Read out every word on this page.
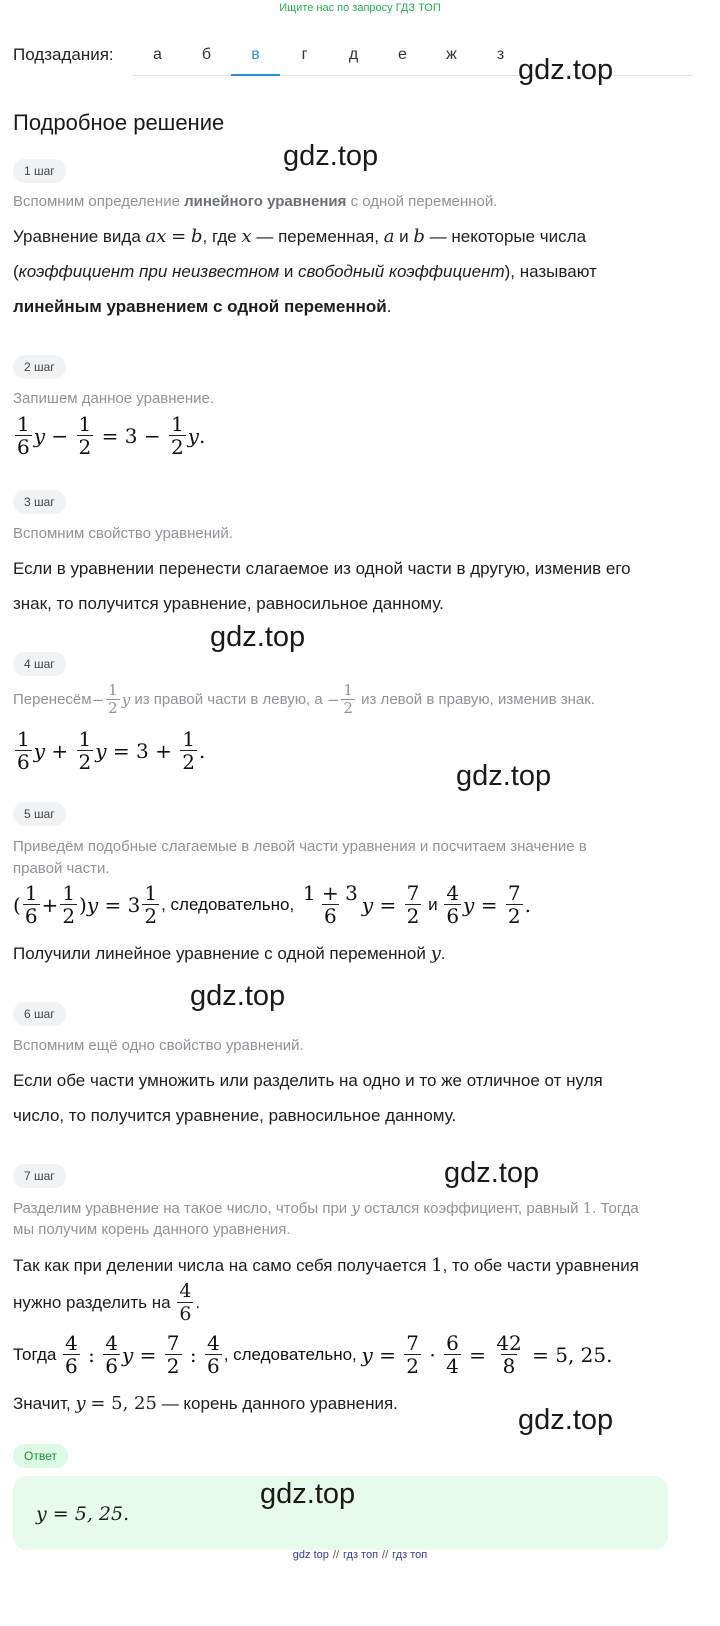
Ищите нас по запросу ГДЗ ТОП
Подзадания:	а	б	в	г	д	е	ж	з gdz.top
gdz.top
gdz.top
gdz.top
gdz.top
gdz.top
gdz.top
Подробное решение
1 шаг
Вспомним определение линейного уравнения с одной переменной.
Уравнение вида ax = b, где x — переменная, a и b — некоторые числа
(коэффициент при неизвестном и свободный коэффициент), называют
линейным уравнением с одной переменной.
2 шаг
Запишем данное уравнение.
$\frac{1}{6}$ $y - \frac{1}{2} = 3 - \frac{1}{2}$ y .
3 шаг
Вспомним свойство уравнений.
Если в уравнении перенести слагаемое из одной части в другую, изменив его
знак, то получится уравнение, равносильное данному.
4 шаг
Перенесём − $\frac{1}{2}$ y из правой части в левую, $а - \frac{1}{2}$ из левой в правую, изменив знак.
$\frac{1}{6}$ $y + \frac{1}{2}$ $y = 3 + \frac{1}{2}$ .
5 шаг
Приведём подобные слагаемые в левой части уравнения и посчитаем значение в
правой части.
( $\frac{1}{6} + \frac{1}{2}$ ) $y = 3 \frac{1}{2}$ , следовательно, $\frac{1 + 3}{6}$ $y = \frac{7}{2}$ и $\frac{4}{6}$ $y = \frac{7}{2}$ .
Получили линейное уравнение с одной переменной y.
6 шаг
Вспомним ещё одно свойство уравнений.
Если обе части умножить или разделить на одно и то же отличное от нуля
число, то получится уравнение, равносильное данному.
7 шаг
Разделим уравнение на такое число, чтобы при y остался коэффициент, равный 1. Тогда
мы получим корень данного уравнения.
Так как при делении числа на само себя получается 1, то обе части уравнения
нужно разделить на $\frac{4}{6}$ .
Тогда $\frac{4}{6}$ : $\frac{4}{6}$ $y = \frac{7}{2}$ : $\frac{4}{6}$ , следовательно, $y = \frac{7}{2} \cdot \frac{6}{4} = \frac{42}{8} = 5$, 25.
Значит, y = 5, 25 — корень данного уравнения.
Ответ
y = 5, 25.
gdz.top
gdz top // гдз топ // гдз топ
